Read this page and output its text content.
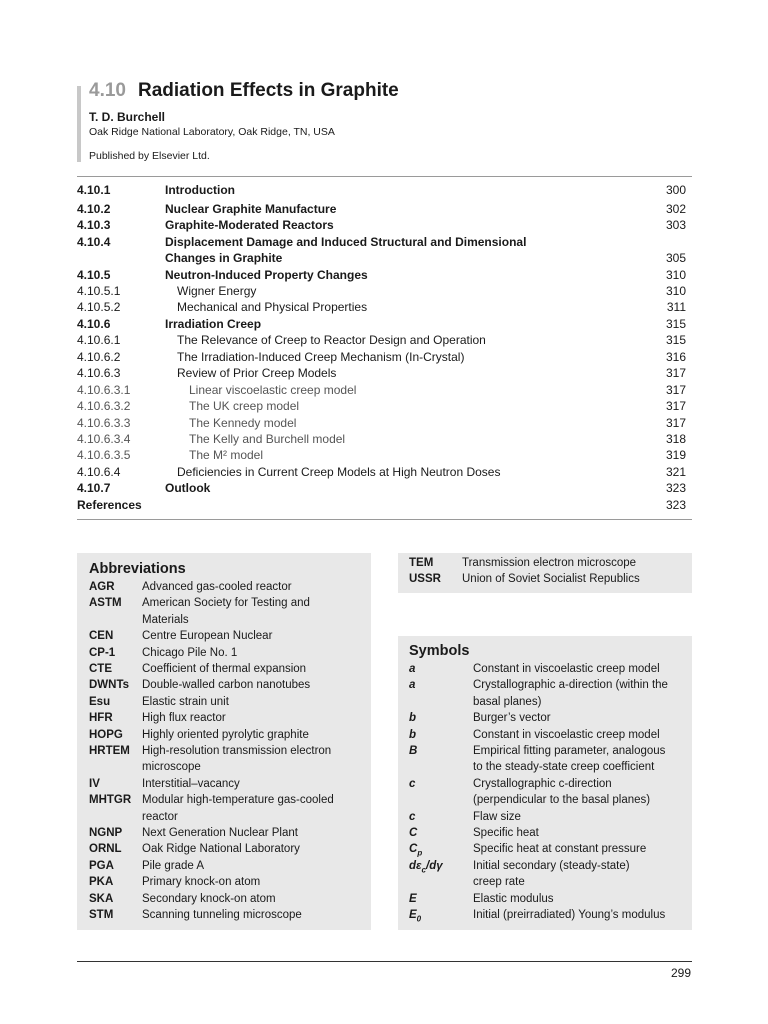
4.10 Radiation Effects in Graphite
T. D. Burchell
Oak Ridge National Laboratory, Oak Ridge, TN, USA
Published by Elsevier Ltd.
4.10.1	Introduction	300
4.10.2	Nuclear Graphite Manufacture	302
4.10.3	Graphite-Moderated Reactors	303
4.10.4	Displacement Damage and Induced Structural and Dimensional
Changes in Graphite	305
4.10.5	Neutron-Induced Property Changes	310
4.10.5.1	Wigner Energy	310
4.10.5.2	Mechanical and Physical Properties	311
4.10.6	Irradiation Creep	315
4.10.6.1	The Relevance of Creep to Reactor Design and Operation	315
4.10.6.2	The Irradiation-Induced Creep Mechanism (In-Crystal)	316
4.10.6.3	Review of Prior Creep Models	317
4.10.6.3.1	Linear viscoelastic creep model	317
4.10.6.3.2	The UK creep model	317
4.10.6.3.3	The Kennedy model	317
4.10.6.3.4	The Kelly and Burchell model	318
4.10.6.3.5	The M² model	319
4.10.6.4	Deficiencies in Current Creep Models at High Neutron Doses	321
4.10.7	Outlook	323
References	323
Abbreviations
AGR Advanced gas-cooled reactor
ASTM American Society for Testing and
Materials
CEN Centre European Nuclear
CP-1 Chicago Pile No. 1
CTE	Coefficient of thermal expansion
DWNTs Double-walled carbon nanotubes
Esu	Elastic strain unit
HFR	High flux reactor
HOPG Highly oriented pyrolytic graphite
HRTEM High-resolution transmission electron
microscope
IV	Interstitial–vacancy
MHTGR Modular high-temperature gas-cooled
reactor
NGNP Next Generation Nuclear Plant
ORNL Oak Ridge National Laboratory
PGA Pile grade A
PKA Primary knock-on atom
SKA Secondary knock-on atom
STM Scanning tunneling microscope
TEM Transmission electron microscope
USSR Union of Soviet Socialist Republics
Symbols
a	Constant in viscoelastic creep model
a	Crystallographic a-direction (within the
basal planes)
b	Burger’s vector
b	Constant in viscoelastic creep model
B	Empirical fitting parameter, analogous
to the steady-state creep coefficient
c	Crystallographic c-direction
(perpendicular to the basal planes)
c	Flaw size
C	Specific heat
$C_p$	Specific heat at constant pressure
$d\varepsilon_c/d\gamma$	Initial secondary (steady-state)
creep rate
E	Elastic modulus
$E_0$	Initial (preirradiated) Young’s modulus
299
